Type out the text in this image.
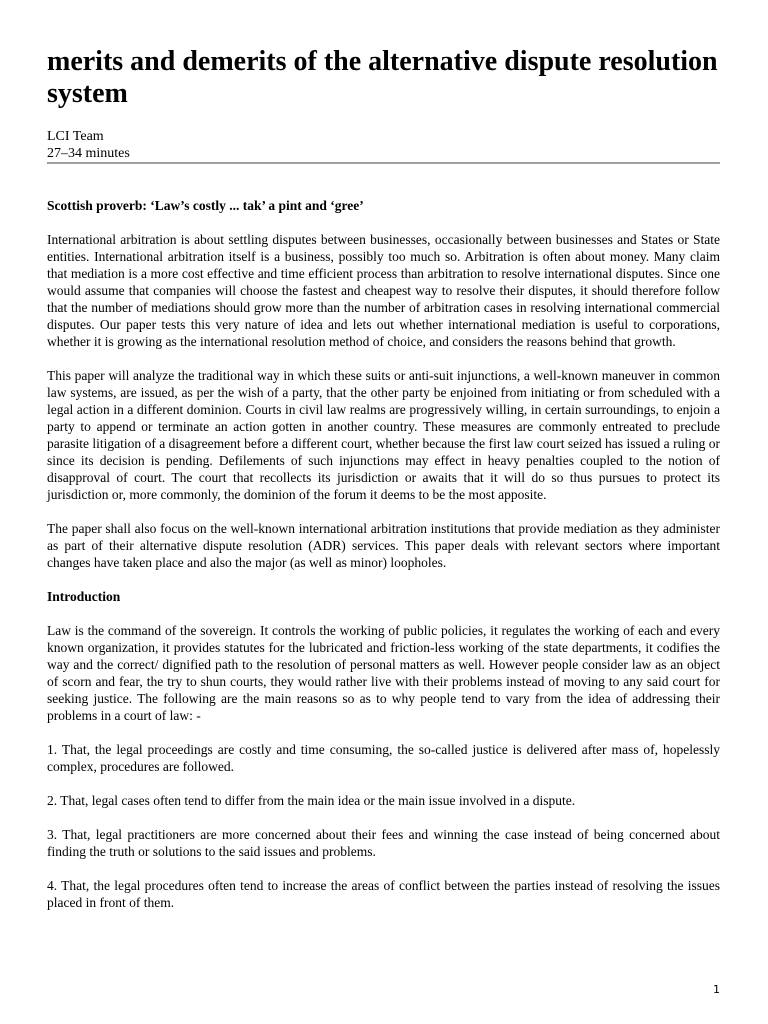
merits and demerits of the alternative dispute resolution system
LCI Team
27–34 minutes
Scottish proverb: ‘Law’s costly ... tak’ a pint and ‘gree’

International arbitration is about settling disputes between businesses, occasionally between businesses and States or State entities. International arbitration itself is a business, possibly too much so. Arbitration is often about money. Many claim that mediation is a more cost effective and time efficient process than arbitration to resolve international disputes. Since one would assume that companies will choose the fastest and cheapest way to resolve their disputes, it should therefore follow that the number of mediations should grow more than the number of arbitration cases in resolving international commercial disputes. Our paper tests this very nature of idea and lets out whether international mediation is useful to corporations, whether it is growing as the international resolution method of choice, and considers the reasons behind that growth.

This paper will analyze the traditional way in which these suits or anti-suit injunctions, a well-known maneuver in common law systems, are issued, as per the wish of a party, that the other party be enjoined from initiating or from scheduled with a legal action in a different dominion. Courts in civil law realms are progressively willing, in certain surroundings, to enjoin a party to append or terminate an action gotten in another country. These measures are commonly entreated to preclude parasite litigation of a disagreement before a different court, whether because the first law court seized has issued a ruling or since its decision is pending. Defilements of such injunctions may effect in heavy penalties coupled to the notion of disapproval of court. The court that recollects its jurisdiction or awaits that it will do so thus pursues to protect its jurisdiction or, more commonly, the dominion of the forum it deems to be the most apposite.

The paper shall also focus on the well-known international arbitration institutions that provide mediation as they administer as part of their alternative dispute resolution (ADR) services. This paper deals with relevant sectors where important changes have taken place and also the major (as well as minor) loopholes.

Introduction

Law is the command of the sovereign. It controls the working of public policies, it regulates the working of each and every known organization, it provides statutes for the lubricated and friction-less working of the state departments, it codifies the way and the correct/ dignified path to the resolution of personal matters as well. However people consider law as an object of scorn and fear, the try to shun courts, they would rather live with their problems instead of moving to any said court for seeking justice. The following are the main reasons so as to why people tend to vary from the idea of addressing their problems in a court of law: -

1. That, the legal proceedings are costly and time consuming, the so-called justice is delivered after mass of, hopelessly complex, procedures are followed.

2. That, legal cases often tend to differ from the main idea or the main issue involved in a dispute.

3. That, legal practitioners are more concerned about their fees and winning the case instead of being concerned about finding the truth or solutions to the said issues and problems.

4. That, the legal procedures often tend to increase the areas of conflict between the parties instead of resolving the issues placed in front of them.

1
